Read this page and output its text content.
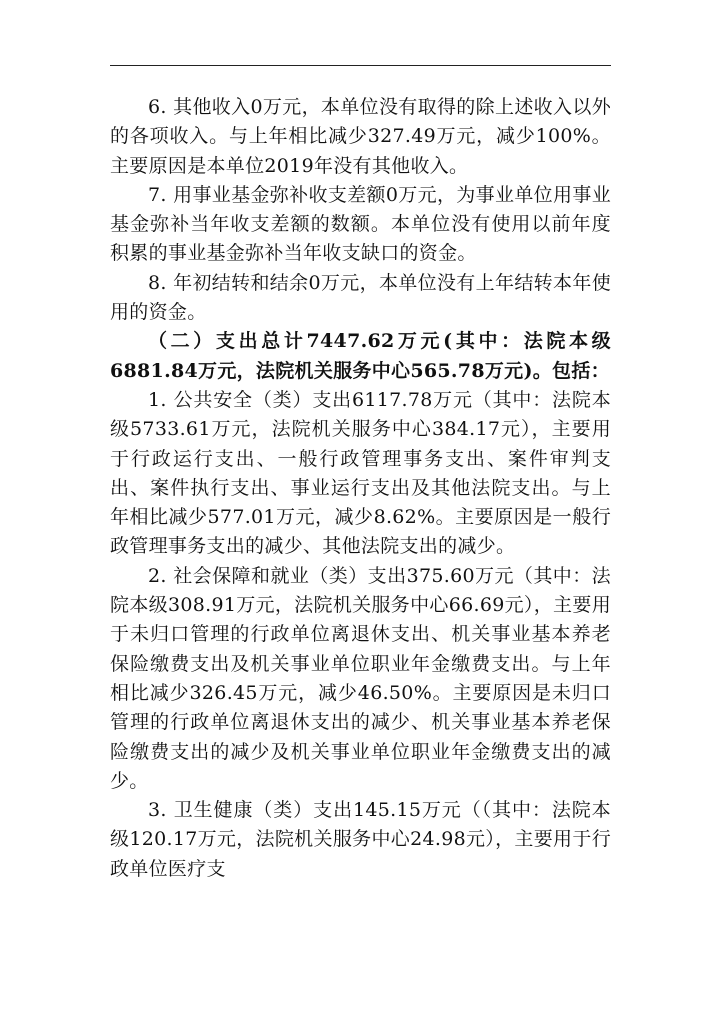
6. 其他收入0万元，本单位没有取得的除上述收入以外的各项收入。与上年相比减少327.49万元，减少100%。主要原因是本单位2019年没有其他收入。

7. 用事业基金弥补收支差额0万元，为事业单位用事业基金弥补当年收支差额的数额。本单位没有使用以前年度积累的事业基金弥补当年收支缺口的资金。

8. 年初结转和结余0万元，本单位没有上年结转本年使用的资金。

（二）支出总计7447.62万元(其中：法院本级6881.84万元，法院机关服务中心565.78万元)。包括：

1. 公共安全（类）支出6117.78万元（其中：法院本级5733.61万元，法院机关服务中心384.17元），主要用于行政运行支出、一般行政管理事务支出、案件审判支出、案件执行支出、事业运行支出及其他法院支出。与上年相比减少577.01万元，减少8.62%。主要原因是一般行政管理事务支出的减少、其他法院支出的减少。

2. 社会保障和就业（类）支出375.60万元（其中：法院本级308.91万元，法院机关服务中心66.69元），主要用于未归口管理的行政单位离退休支出、机关事业基本养老保险缴费支出及机关事业单位职业年金缴费支出。与上年相比减少326.45万元，减少46.50%。主要原因是未归口管理的行政单位离退休支出的减少、机关事业基本养老保险缴费支出的减少及机关事业单位职业年金缴费支出的减少。

3. 卫生健康（类）支出145.15万元（（其中：法院本级120.17万元，法院机关服务中心24.98元），主要用于行政单位医疗支
